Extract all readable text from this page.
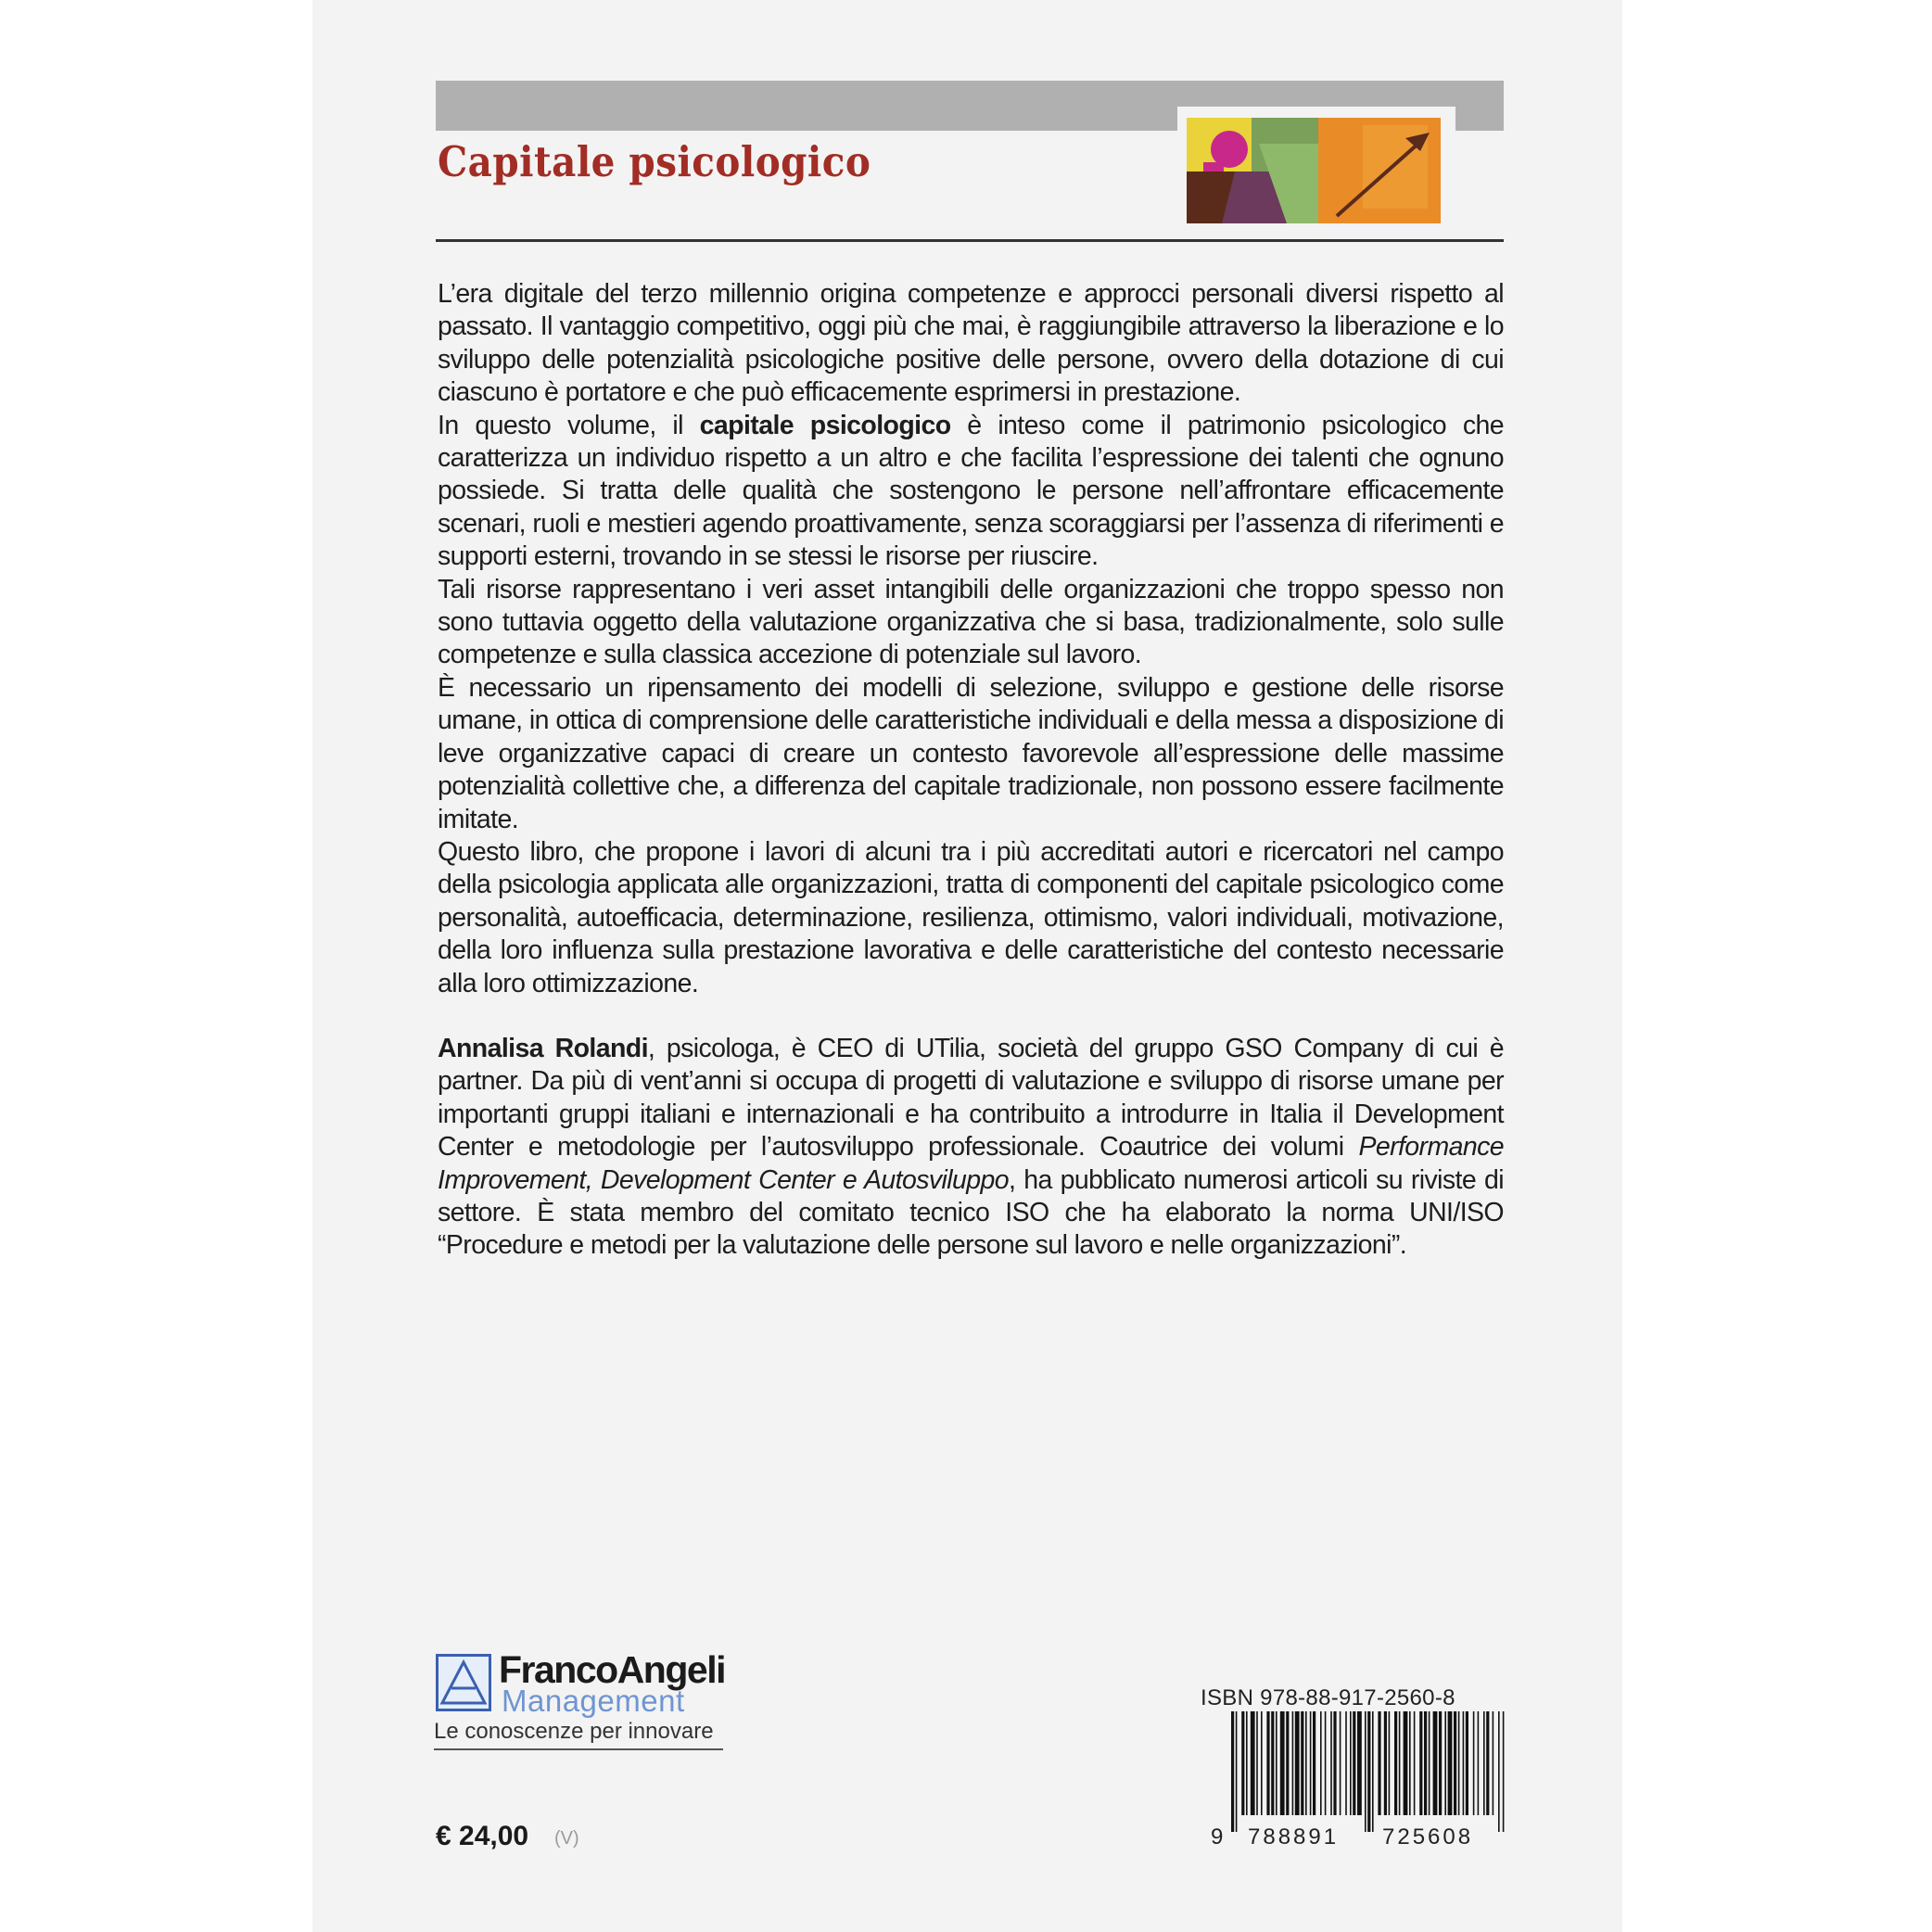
Capitale psicologico

L’era digitale del terzo millennio origina competenze e approcci personali diversi rispetto al passato. Il vantaggio competitivo, oggi più che mai, è raggiungibile attraverso la liberazione e lo sviluppo delle potenzialità psicologiche positive delle persone, ovvero della dotazione di cui ciascuno è portatore e che può efficacemente esprimersi in prestazione.

In questo volume, il capitale psicologico è inteso come il patrimonio psicologico che caratterizza un individuo rispetto a un altro e che facilita l’espressione dei talenti che ognuno possiede. Si tratta delle qualità che sostengono le persone nell’affrontare efficacemente scenari, ruoli e mestieri agendo proattivamente, senza scoraggiarsi per l’assenza di riferimenti e supporti esterni, trovando in se stessi le risorse per riuscire.

Tali risorse rappresentano i veri asset intangibili delle organizzazioni che troppo spesso non sono tuttavia oggetto della valutazione organizzativa che si basa, tradizionalmente, solo sulle competenze e sulla classica accezione di potenziale sul lavoro.

È necessario un ripensamento dei modelli di selezione, sviluppo e gestione delle risorse umane, in ottica di comprensione delle caratteristiche individuali e della messa a disposizione di leve organizzative capaci di creare un contesto favorevole all’espressione delle massime potenzialità collettive che, a differenza del capitale tradizionale, non possono essere facilmente imitate.

Questo libro, che propone i lavori di alcuni tra i più accreditati autori e ricercatori nel campo della psicologia applicata alle organizzazioni, tratta di componenti del capitale psicologico come personalità, autoefficacia, determinazione, resilienza, ottimismo, valori individuali, motivazione, della loro influenza sulla prestazione lavorativa e delle caratteristiche del contesto necessarie alla loro ottimizzazione.

Annalisa Rolandi, psicologa, è CEO di UTilia, società del gruppo GSO Company di cui è partner. Da più di vent’anni si occupa di progetti di valutazione e sviluppo di risorse umane per importanti gruppi italiani e internazionali e ha contribuito a introdurre in Italia il Development Center e metodologie per l’autosviluppo professionale. Coautrice dei volumi Performance Improvement, Development Center e Autosviluppo, ha pubblicato numerosi articoli su riviste di settore. È stata membro del comitato tecnico ISO che ha elaborato la norma UNI/ISO “Procedure e metodi per la valutazione delle persone sul lavoro e nelle organizzazioni”.

FrancoAngeli
Management
Le conoscenze per innovare
€ 24,00 (V)
ISBN 978-88-917-2560-8
9 788891 725608
